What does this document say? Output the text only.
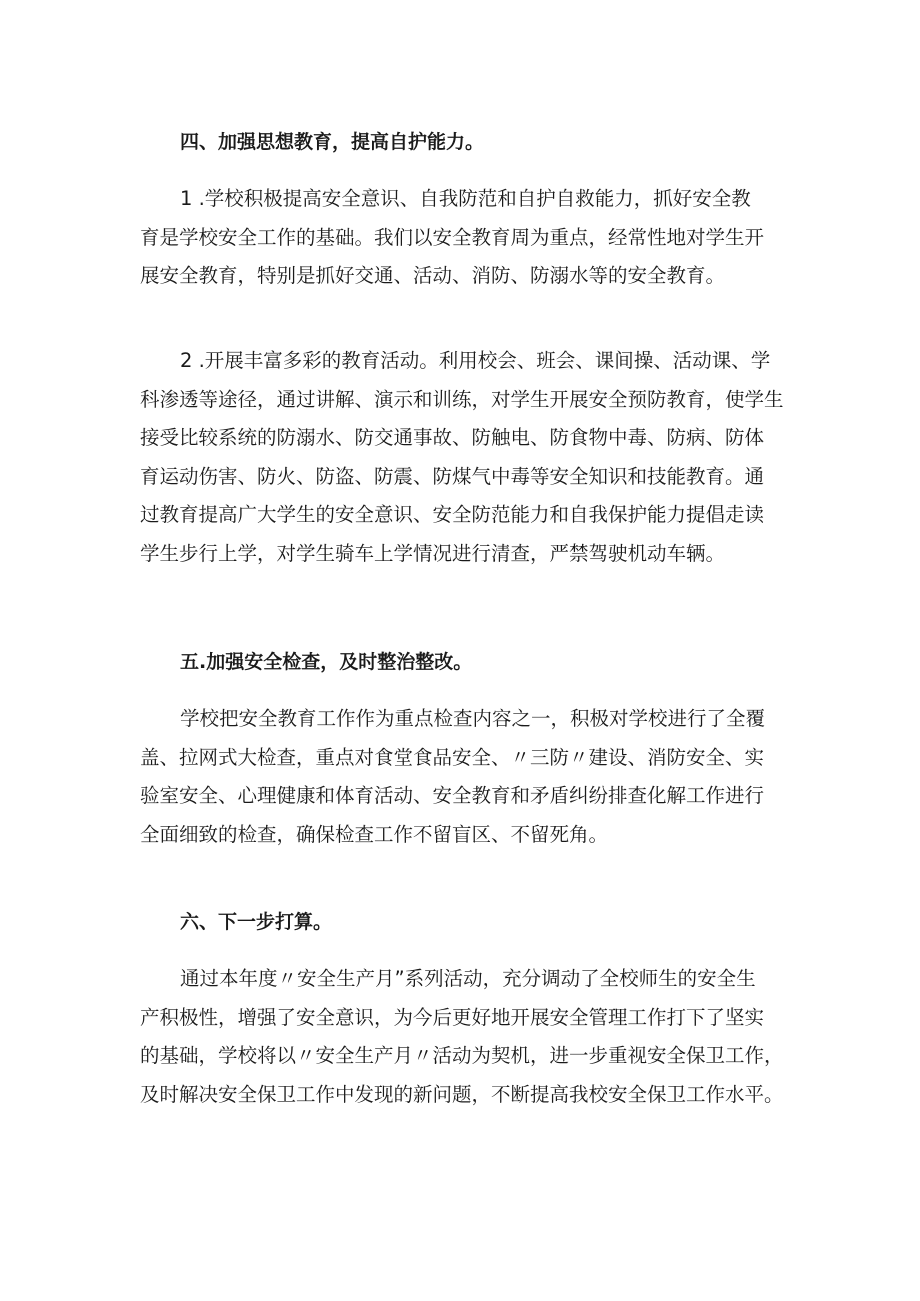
四、加强思想教育，提高自护能力。
1 .学校积极提高安全意识、自我防范和自护自救能力，抓好安全教
育是学校安全工作的基础。我们以安全教育周为重点，经常性地对学生开
展安全教育，特别是抓好交通、活动、消防、防溺水等的安全教育。
2 .开展丰富多彩的教育活动。利用校会、班会、课间操、活动课、学
科渗透等途径，通过讲解、演示和训练，对学生开展安全预防教育，使学生
接受比较系统的防溺水、防交通事故、防触电、防食物中毒、防病、防体
育运动伤害、防火、防盗、防震、防煤气中毒等安全知识和技能教育。通
过教育提高广大学生的安全意识、安全防范能力和自我保护能力提倡走读
学生步行上学，对学生骑车上学情况进行清查，严禁驾驶机动车辆。
五.加强安全检查，及时整治整改。
学校把安全教育工作作为重点检查内容之一，积极对学校进行了全覆
盖、拉网式大检查，重点对食堂食品安全、〃三防〃建设、消防安全、实
验室安全、心理健康和体育活动、安全教育和矛盾纠纷排查化解工作进行
全面细致的检查，确保检查工作不留盲区、不留死角。
六、下一步打算。
通过本年度〃安全生产月”系列活动，充分调动了全校师生的安全生
产积极性，增强了安全意识，为今后更好地开展安全管理工作打下了坚实
的基础，学校将以〃安全生产月〃活动为契机，进一步重视安全保卫工作，
及时解决安全保卫工作中发现的新问题，不断提高我校安全保卫工作水平。
